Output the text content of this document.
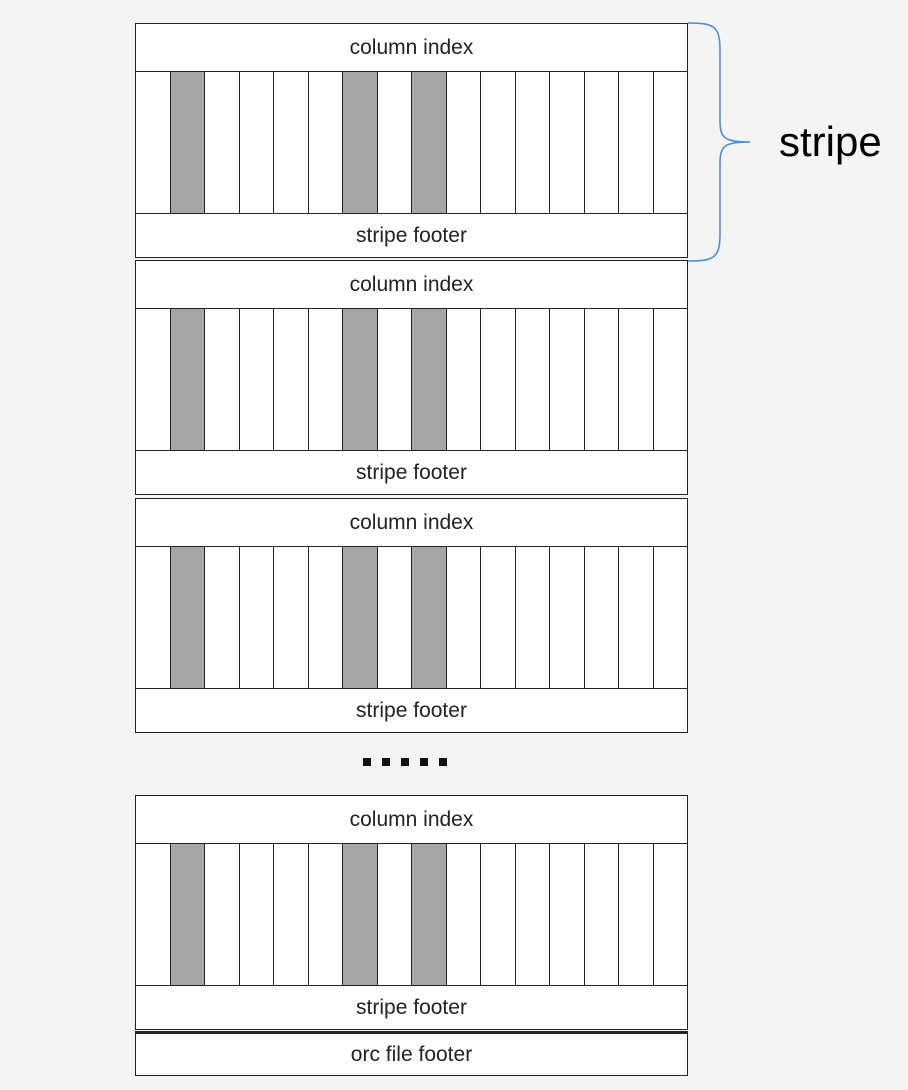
column index
stripe footer
column index
stripe footer
column index
stripe footer
column index
stripe footer
orc file footer
stripe
